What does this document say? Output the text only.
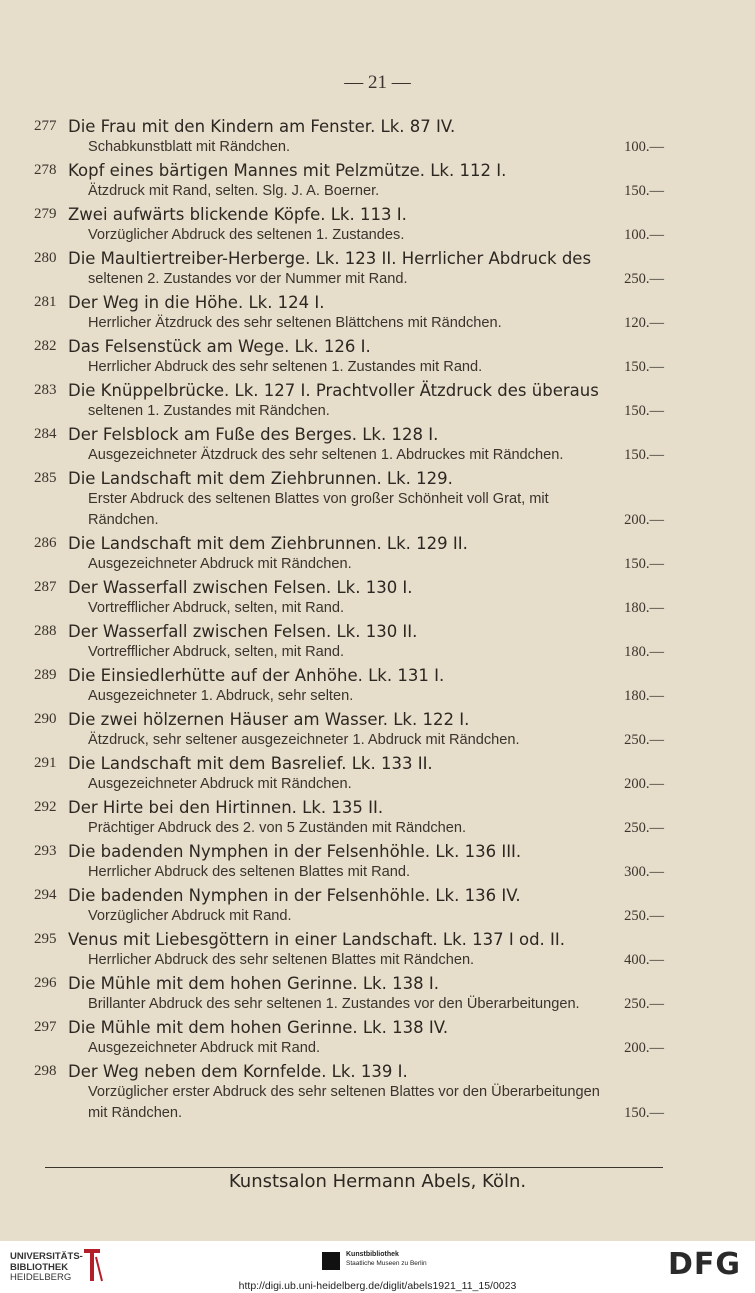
— 21 —
277 Die Frau mit den Kindern am Fenster. Lk. 87 IV.
Schabkunstblatt mit Rändchen.	100.—
278 Kopf eines bärtigen Mannes mit Pelzmütze. Lk. 112 I.
Ätzdruck mit Rand, selten. Slg. J. A. Boerner.	150.—
279 Zwei aufwärts blickende Köpfe. Lk. 113 I.
Vorzüglicher Abdruck des seltenen 1. Zustandes.	100.—
280 Die Maultiertreiber-Herberge. Lk. 123 II. Herrlicher Abdruck des
seltenen 2. Zustandes vor der Nummer mit Rand.	250.—
281 Der Weg in die Höhe. Lk. 124 I.
Herrlicher Ätzdruck des sehr seltenen Blättchens mit Rändchen.	120.—
282 Das Felsenstück am Wege. Lk. 126 I.
Herrlicher Abdruck des sehr seltenen 1. Zustandes mit Rand.	150.—
283 Die Knüppelbrücke. Lk. 127 I. Prachtvoller Ätzdruck des überaus
seltenen 1. Zustandes mit Rändchen.	150.—
284 Der Felsblock am Fuße des Berges. Lk. 128 I.
Ausgezeichneter Ätzdruck des sehr seltenen 1. Abdruckes mit Rändchen.	150.—
285 Die Landschaft mit dem Ziehbrunnen. Lk. 129.
Erster Abdruck des seltenen Blattes von großer Schönheit voll Grat, mit Rändchen.	200.—
286 Die Landschaft mit dem Ziehbrunnen. Lk. 129 II.
Ausgezeichneter Abdruck mit Rändchen.	150.—
287 Der Wasserfall zwischen Felsen. Lk. 130 I.
Vortrefflicher Abdruck, selten, mit Rand.	180.—
288 Der Wasserfall zwischen Felsen. Lk. 130 II.
Vortrefflicher Abdruck, selten, mit Rand.	180.—
289 Die Einsiedlerhütte auf der Anhöhe. Lk. 131 I.
Ausgezeichneter 1. Abdruck, sehr selten.	180.—
290 Die zwei hölzernen Häuser am Wasser. Lk. 122 I.
Ätzdruck, sehr seltener ausgezeichneter 1. Abdruck mit Rändchen.	250.—
291 Die Landschaft mit dem Basrelief. Lk. 133 II.
Ausgezeichneter Abdruck mit Rändchen.	200.—
292 Der Hirte bei den Hirtinnen. Lk. 135 II.
Prächtiger Abdruck des 2. von 5 Zuständen mit Rändchen.	250.—
293 Die badenden Nymphen in der Felsenhöhle. Lk. 136 III.
Herrlicher Abdruck des seltenen Blattes mit Rand.	300.—
294 Die badenden Nymphen in der Felsenhöhle. Lk. 136 IV.
Vorzüglicher Abdruck mit Rand.	250.—
295 Venus mit Liebesgöttern in einer Landschaft. Lk. 137 I od. II.
Herrlicher Abdruck des sehr seltenen Blattes mit Rändchen.	400.—
296 Die Mühle mit dem hohen Gerinne. Lk. 138 I.
Brillanter Abdruck des sehr seltenen 1. Zustandes vor den Überarbeitungen.	250.—
297 Die Mühle mit dem hohen Gerinne. Lk. 138 IV.
Ausgezeichneter Abdruck mit Rand.	200.—
298 Der Weg neben dem Kornfelde. Lk. 139 I.
Vorzüglicher erster Abdruck des sehr seltenen Blattes vor den Überarbeitungen mit Rändchen.	150.—
Kunstsalon Hermann Abels, Köln.
UNIVERSITÄTS-
BIBLIOTHEK
HEIDELBERG
Kunstbibliothek
Staatliche Museen zu Berlin
http://digi.ub.uni-heidelberg.de/diglit/abels1921_11_15/0023
DFG
